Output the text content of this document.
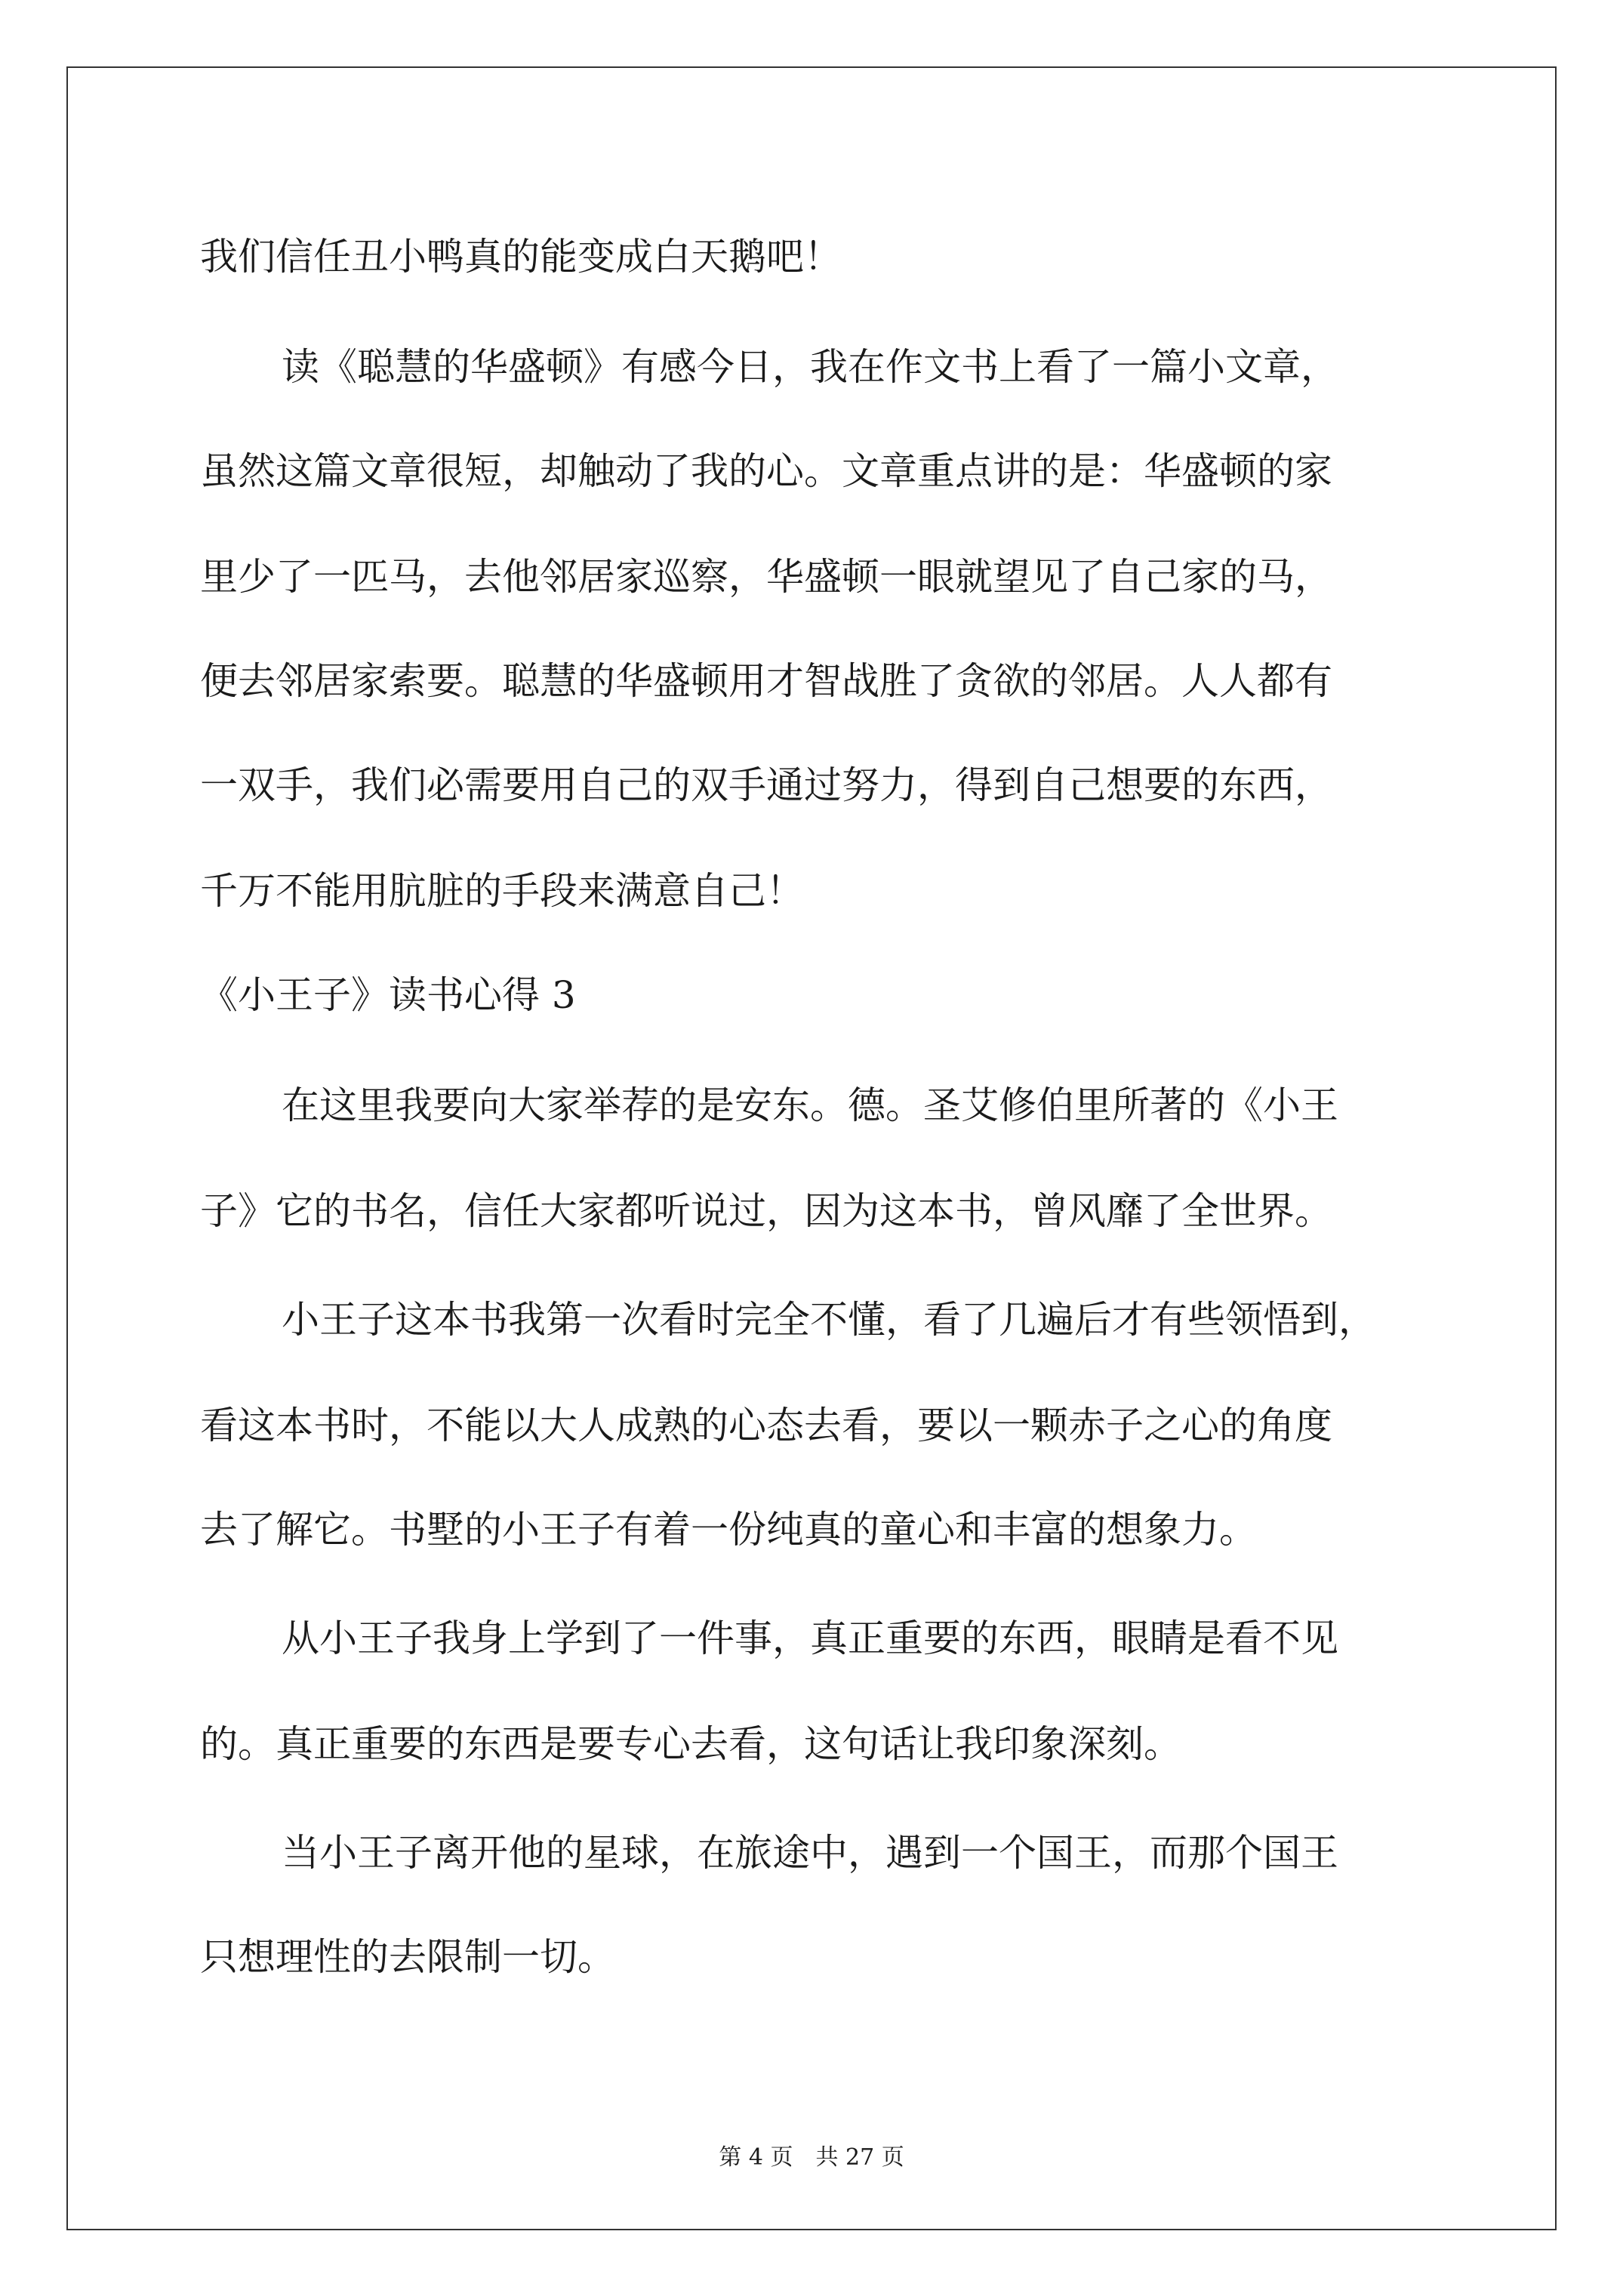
我们信任丑小鸭真的能变成白天鹅吧！
读《聪慧的华盛顿》有感今日，我在作文书上看了一篇小文章，
虽然这篇文章很短，却触动了我的心。文章重点讲的是：华盛顿的家
里少了一匹马，去他邻居家巡察，华盛顿一眼就望见了自己家的马，
便去邻居家索要。聪慧的华盛顿用才智战胜了贪欲的邻居。人人都有
一双手，我们必需要用自己的双手通过努力，得到自己想要的东西，
千万不能用肮脏的手段来满意自己！
《小王子》读书心得 3
在这里我要向大家举荐的是安东。德。圣艾修伯里所著的《小王
子》它的书名，信任大家都听说过，因为这本书，曾风靡了全世界。
小王子这本书我第一次看时完全不懂，看了几遍后才有些领悟到，
看这本书时，不能以大人成熟的心态去看，要以一颗赤子之心的角度
去了解它。书墅的小王子有着一份纯真的童心和丰富的想象力。
从小王子我身上学到了一件事，真正重要的东西，眼睛是看不见
的。真正重要的东西是要专心去看，这句话让我印象深刻。
当小王子离开他的星球，在旅途中，遇到一个国王，而那个国王
只想理性的去限制一切。
第 4 页 共 27 页
